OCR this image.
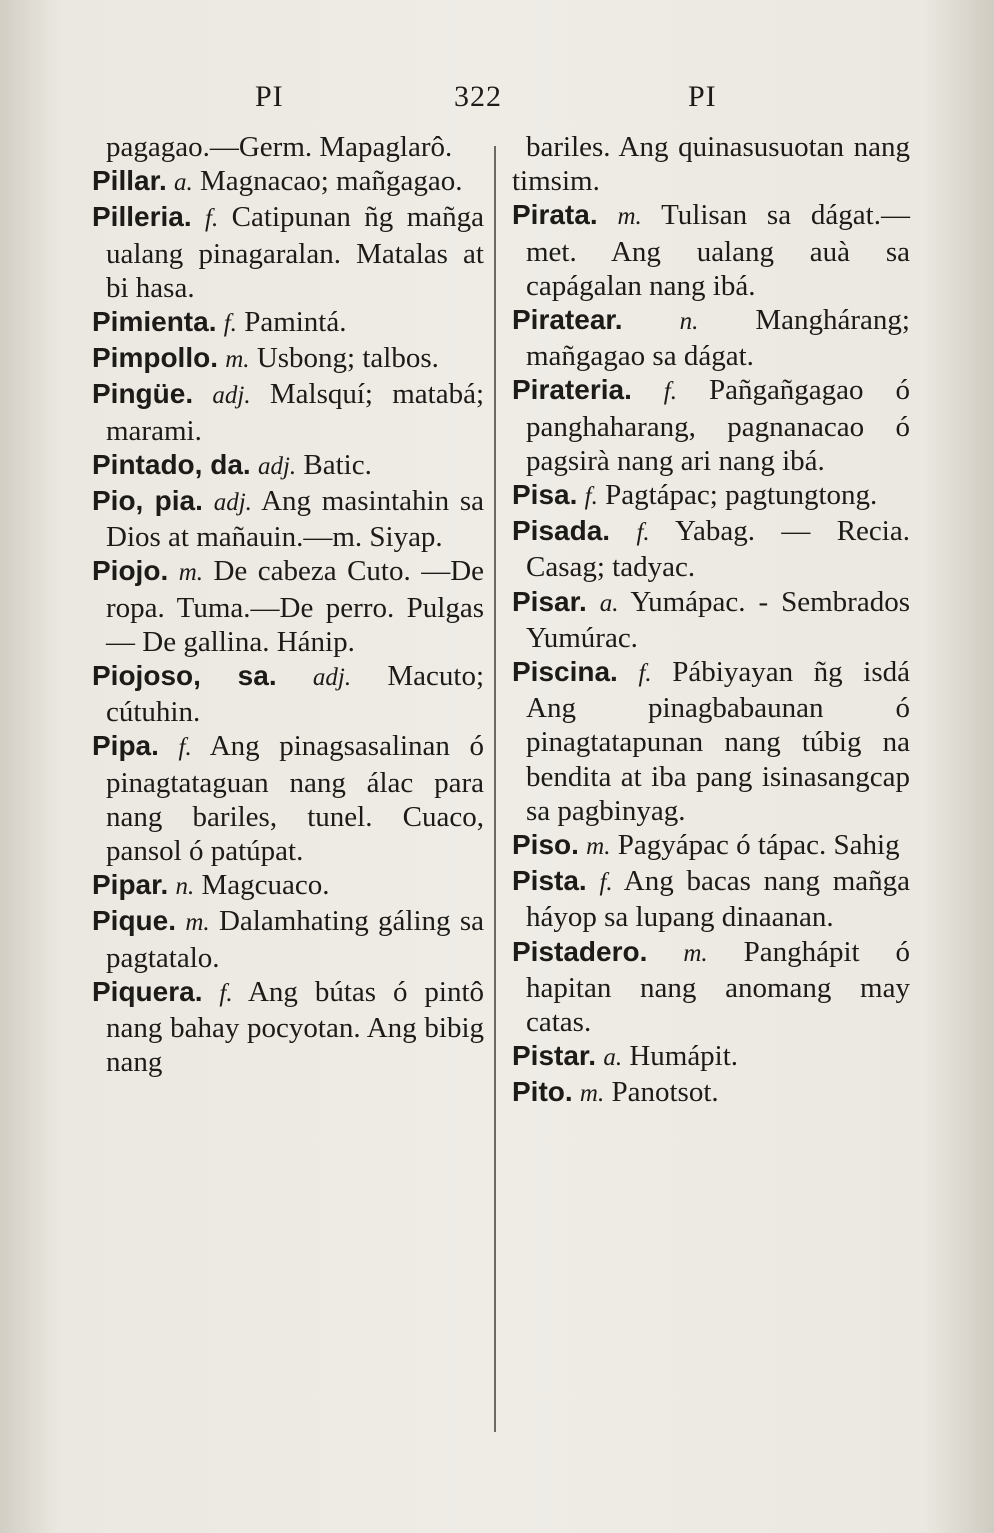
PI	322	PI

pagagao.—Germ. Mapaglarô.

Pillar. a. Magnacao; mañgagao.

Pilleria. f. Catipunan ñg mañga ualang pinagaralan. Matalas at bi hasa.

Pimienta. f. Pamintá.

Pimpollo. m. Usbong; talbos.

Pingüe. adj. Malsquí; matabá; marami.

Pintado, da. adj. Batic.

Pio, pia. adj. Ang masintahin sa Dios at mañauin.—m. Siyap.

Piojo. m. De cabeza Cuto. —De ropa. Tuma.—De perro. Pulgas — De gallina. Hánip.

Piojoso, sa. adj. Macuto; cútuhin.

Pipa. f. Ang pinagsasalinan ó pinagtataguan nang álac para nang bariles, tunel. Cuaco, pansol ó patúpat.

Pipar. n. Magcuaco.

Pique. m. Dalamhating gáling sa pagtatalo.

Piquera. f. Ang bútas ó pintô nang bahay pocyotan. Ang bibig nang

bariles. Ang quinasusuotan nang timsim.

Pirata. m. Tulisan sa dágat.—met. Ang ualang auà sa capágalan nang ibá.

Piratear. n. Manghárang; mañgagao sa dágat.

Pirateria. f. Pañgañgagao ó panghaharang, pagnanacao ó pagsirà nang ari nang ibá.

Pisa. f. Pagtápac; pagtungtong.

Pisada. f. Yabag. — Recia. Casag; tadyac.

Pisar. a. Yumápac. - Sembrados Yumúrac.

Piscina. f. Pábiyayan ñg isdá Ang pinagbabaunan ó pinagtatapunan nang túbig na bendita at iba pang isinasangcap sa pagbinyag.

Piso. m. Pagyápac ó tápac. Sahig

Pista. f. Ang bacas nang mañga háyop sa lupang dinaanan.

Pistadero. m. Panghápit ó hapitan nang anomang may catas.

Pistar. a. Humápit.

Pito. m. Panotsot.
